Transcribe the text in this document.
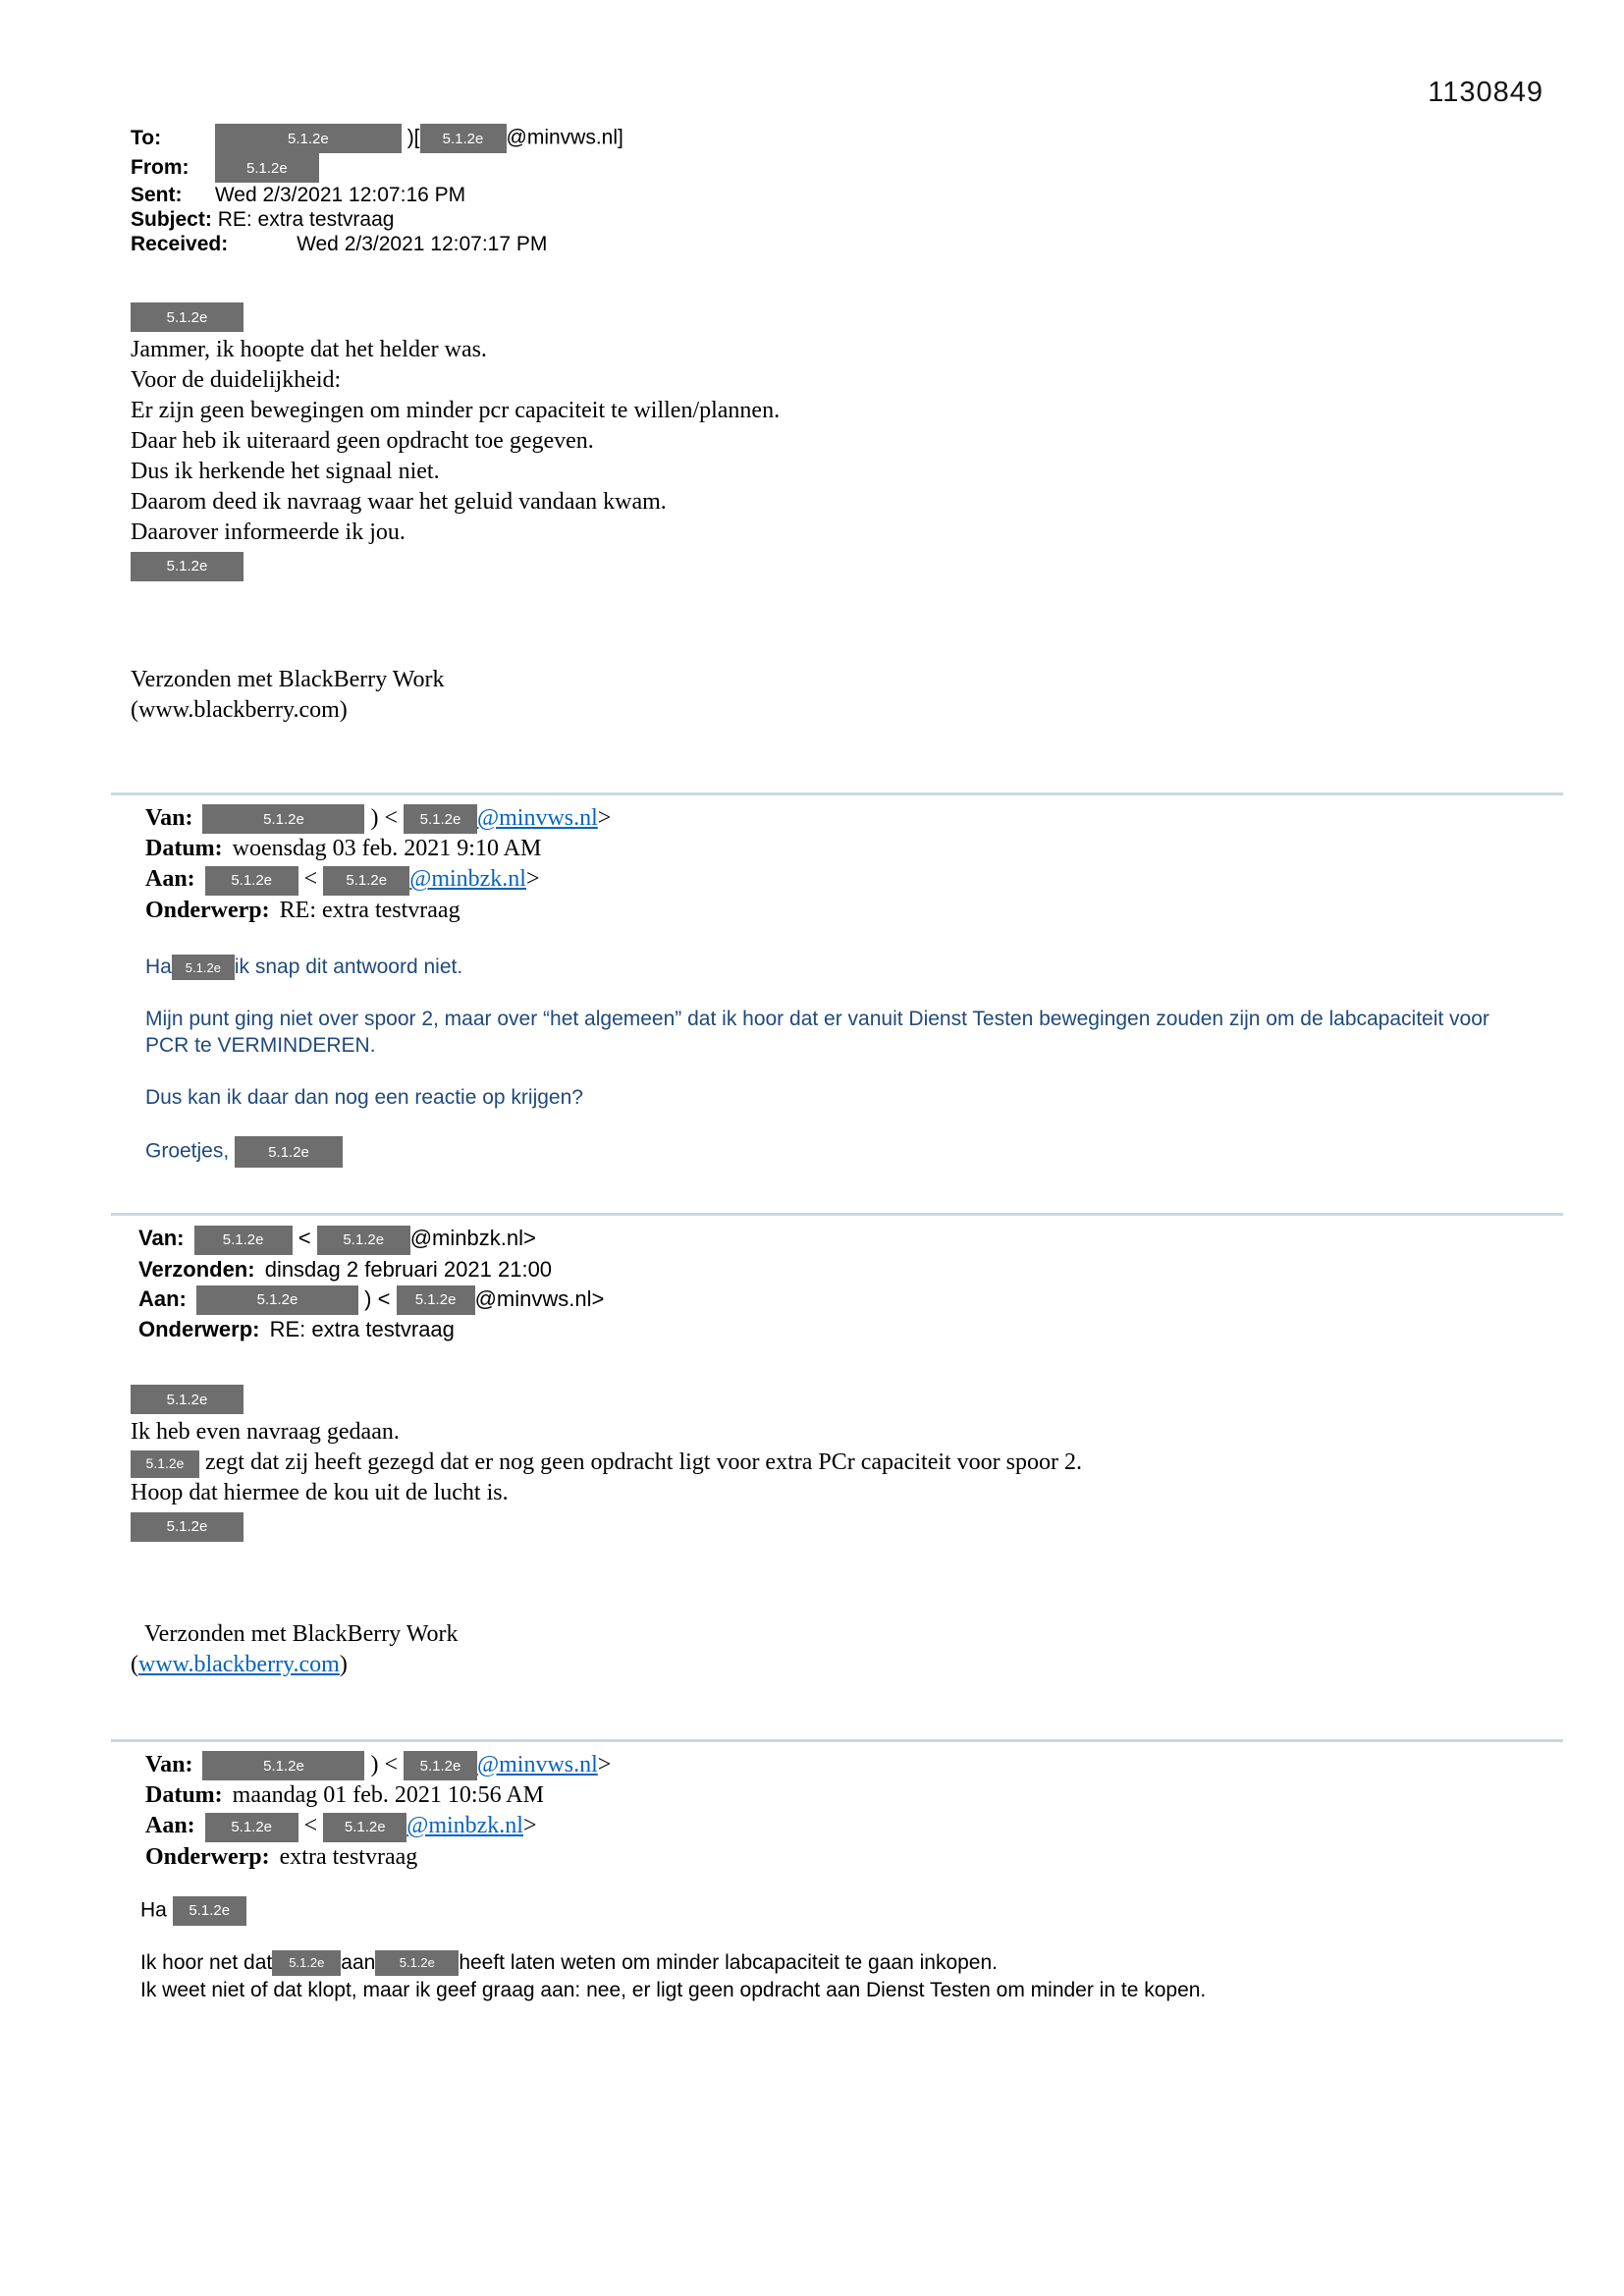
1130849
To:	5.1.2e	)[ 5.1.2e @minvws.nl]
From:	5.1.2e
Sent: Wed 2/3/2021 12:07:16 PM
Subject: RE: extra testvraag
Received:	Wed 2/3/2021 12:07:17 PM
5.1.2e
Jammer, ik hoopte dat het helder was.
Voor de duidelijkheid:
Er zijn geen bewegingen om minder pcr capaciteit te willen/plannen.
Daar heb ik uiteraard geen opdracht toe gegeven.
Dus ik herkende het signaal niet.
Daarom deed ik navraag waar het geluid vandaan kwam.
Daarover informeerde ik jou.
5.1.2e
Verzonden met BlackBerry Work
(www.blackberry.com)
Van:	5.1.2e	) < 5.1.2e @minvws.nl>
Datum: woensdag 03 feb. 2021 9:10 AM
Aan: 5.1.2e < 5.1.2e @minbzk.nl>
Onderwerp: RE: extra testvraag
Ha 5.1.2e ik snap dit antwoord niet.
Mijn punt ging niet over spoor 2, maar over “het algemeen” dat ik hoor dat er vanuit Dienst Testen bewegingen zouden zijn om de labcapaciteit voor PCR te VERMINDEREN.
Dus kan ik daar dan nog een reactie op krijgen?
Groetjes,	5.1.2e
Van:	5.1.2e < 5.1.2e @minbzk.nl>
Verzonden: dinsdag 2 februari 2021 21:00
Aan:	5.1.2e	) < 5.1.2e @minvws.nl>
Onderwerp: RE: extra testvraag
5.1.2e
Ik heb even navraag gedaan.
5.1.2e zegt dat zij heeft gezegd dat er nog geen opdracht ligt voor extra PCr capaciteit voor spoor 2.
Hoop dat hiermee de kou uit de lucht is.
5.1.2e
Verzonden met BlackBerry Work
(www.blackberry.com)
Van:	5.1.2e	) < 5.1.2e @minvws.nl>
Datum: maandag 01 feb. 2021 10:56 AM
Aan: 5.1.2e < 5.1.2e @minbzk.nl>
Onderwerp: extra testvraag
Ha 5.1.2e
Ik hoor net dat 5.1.2e aan 5.1.2e heeft laten weten om minder labcapaciteit te gaan inkopen.
Ik weet niet of dat klopt, maar ik geef graag aan: nee, er ligt geen opdracht aan Dienst Testen om minder in te kopen.
